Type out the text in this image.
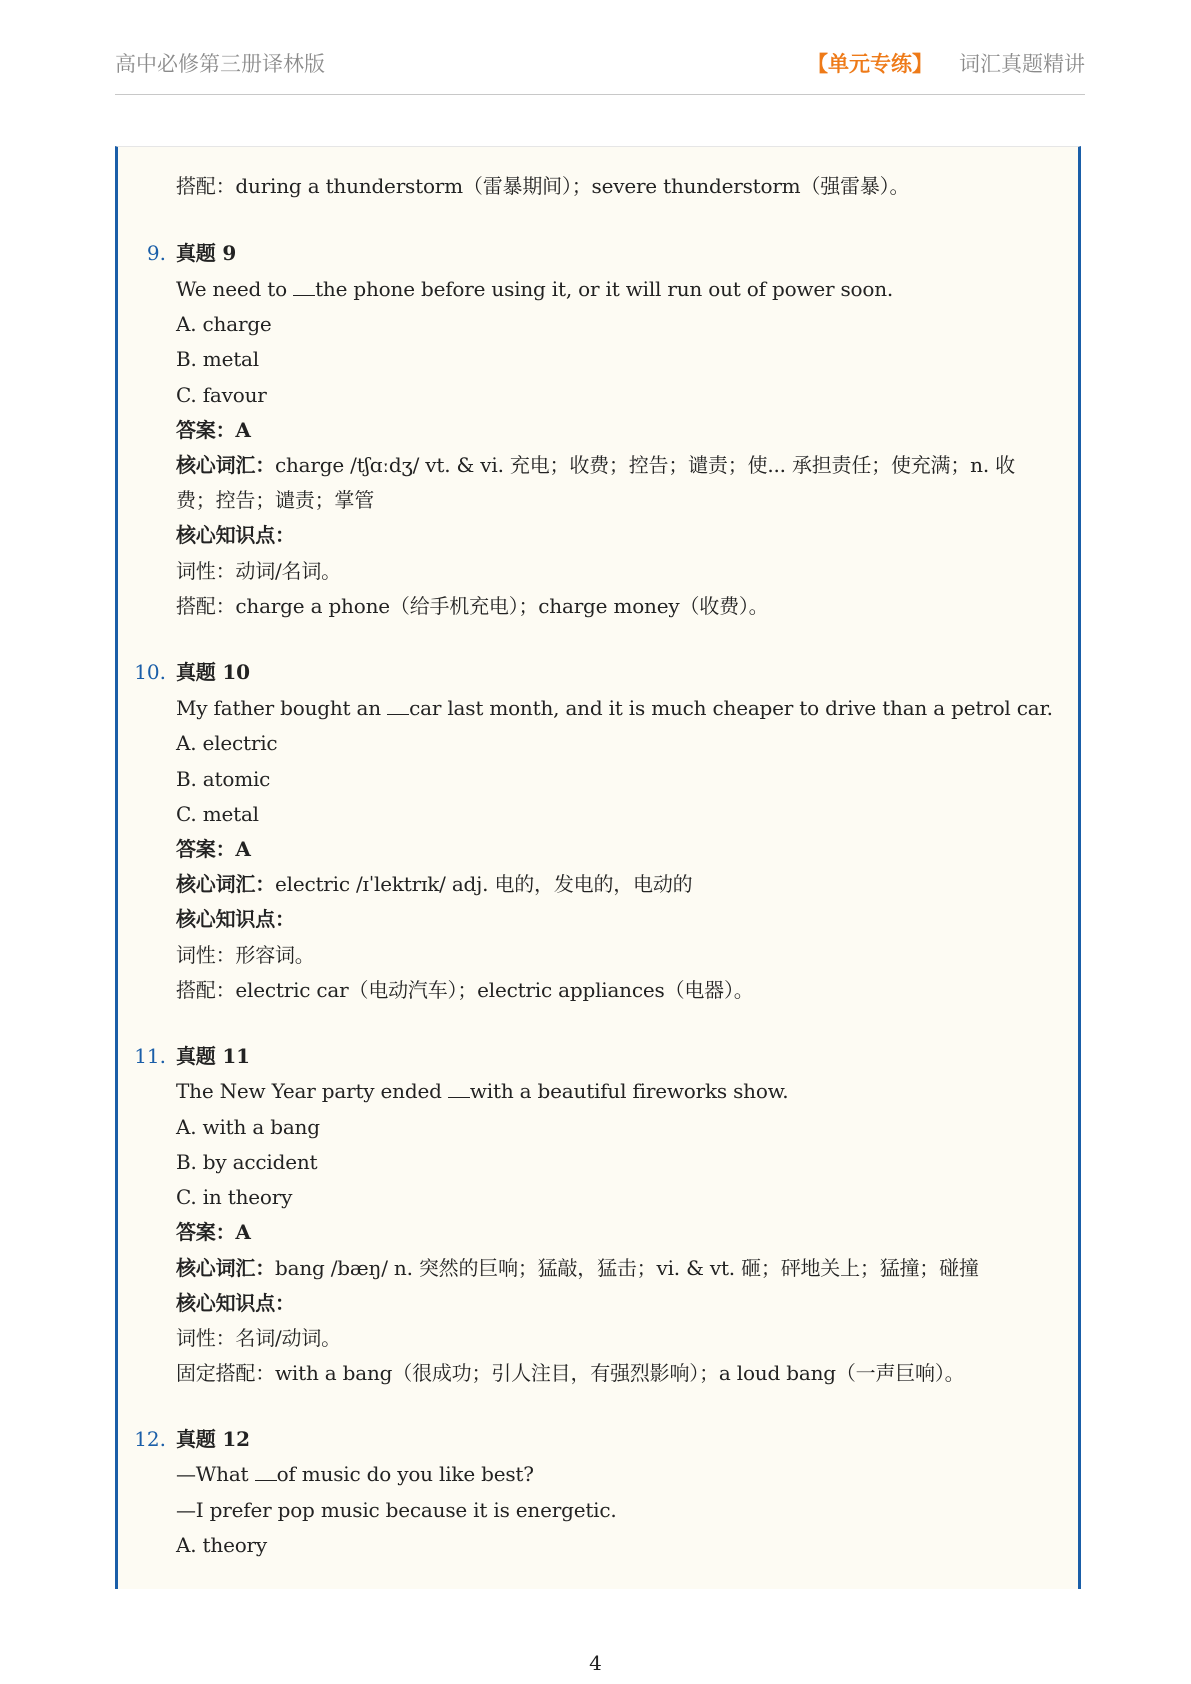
高中必修第三册译林版	【单元专练】 词汇真题精讲
搭配：during a thunderstorm（雷暴期间）；severe thunderstorm（强雷暴）。
9. 真题 9
We need to the phone before using it, or it will run out of power soon.
A. charge
B. metal
C. favour
答案：A
核心词汇：charge /tʃɑːdʒ/ vt. & vi. 充电；收费；控告；谴责；使... 承担责任；使充满；n. 收
费；控告；谴责；掌管
核心知识点：
词性：动词/名词。
搭配：charge a phone（给手机充电）；charge money（收费）。
10. 真题 10
My father bought an car last month, and it is much cheaper to drive than a petrol car.
A. electric
B. atomic
C. metal
答案：A
核心词汇：electric /ɪˈlektrɪk/ adj. 电的，发电的，电动的
核心知识点：
词性：形容词。
搭配：electric car（电动汽车）；electric appliances（电器）。
11. 真题 11
The New Year party ended with a beautiful fireworks show.
A. with a bang
B. by accident
C. in theory
答案：A
核心词汇：bang /bæŋ/ n. 突然的巨响；猛敲，猛击；vi. & vt. 砸；砰地关上；猛撞；碰撞
核心知识点：
词性：名词/动词。
固定搭配：with a bang（很成功；引人注目，有强烈影响）；a loud bang（一声巨响）。
12. 真题 12
—What of music do you like best?
—I prefer pop music because it is energetic.
A. theory
4
